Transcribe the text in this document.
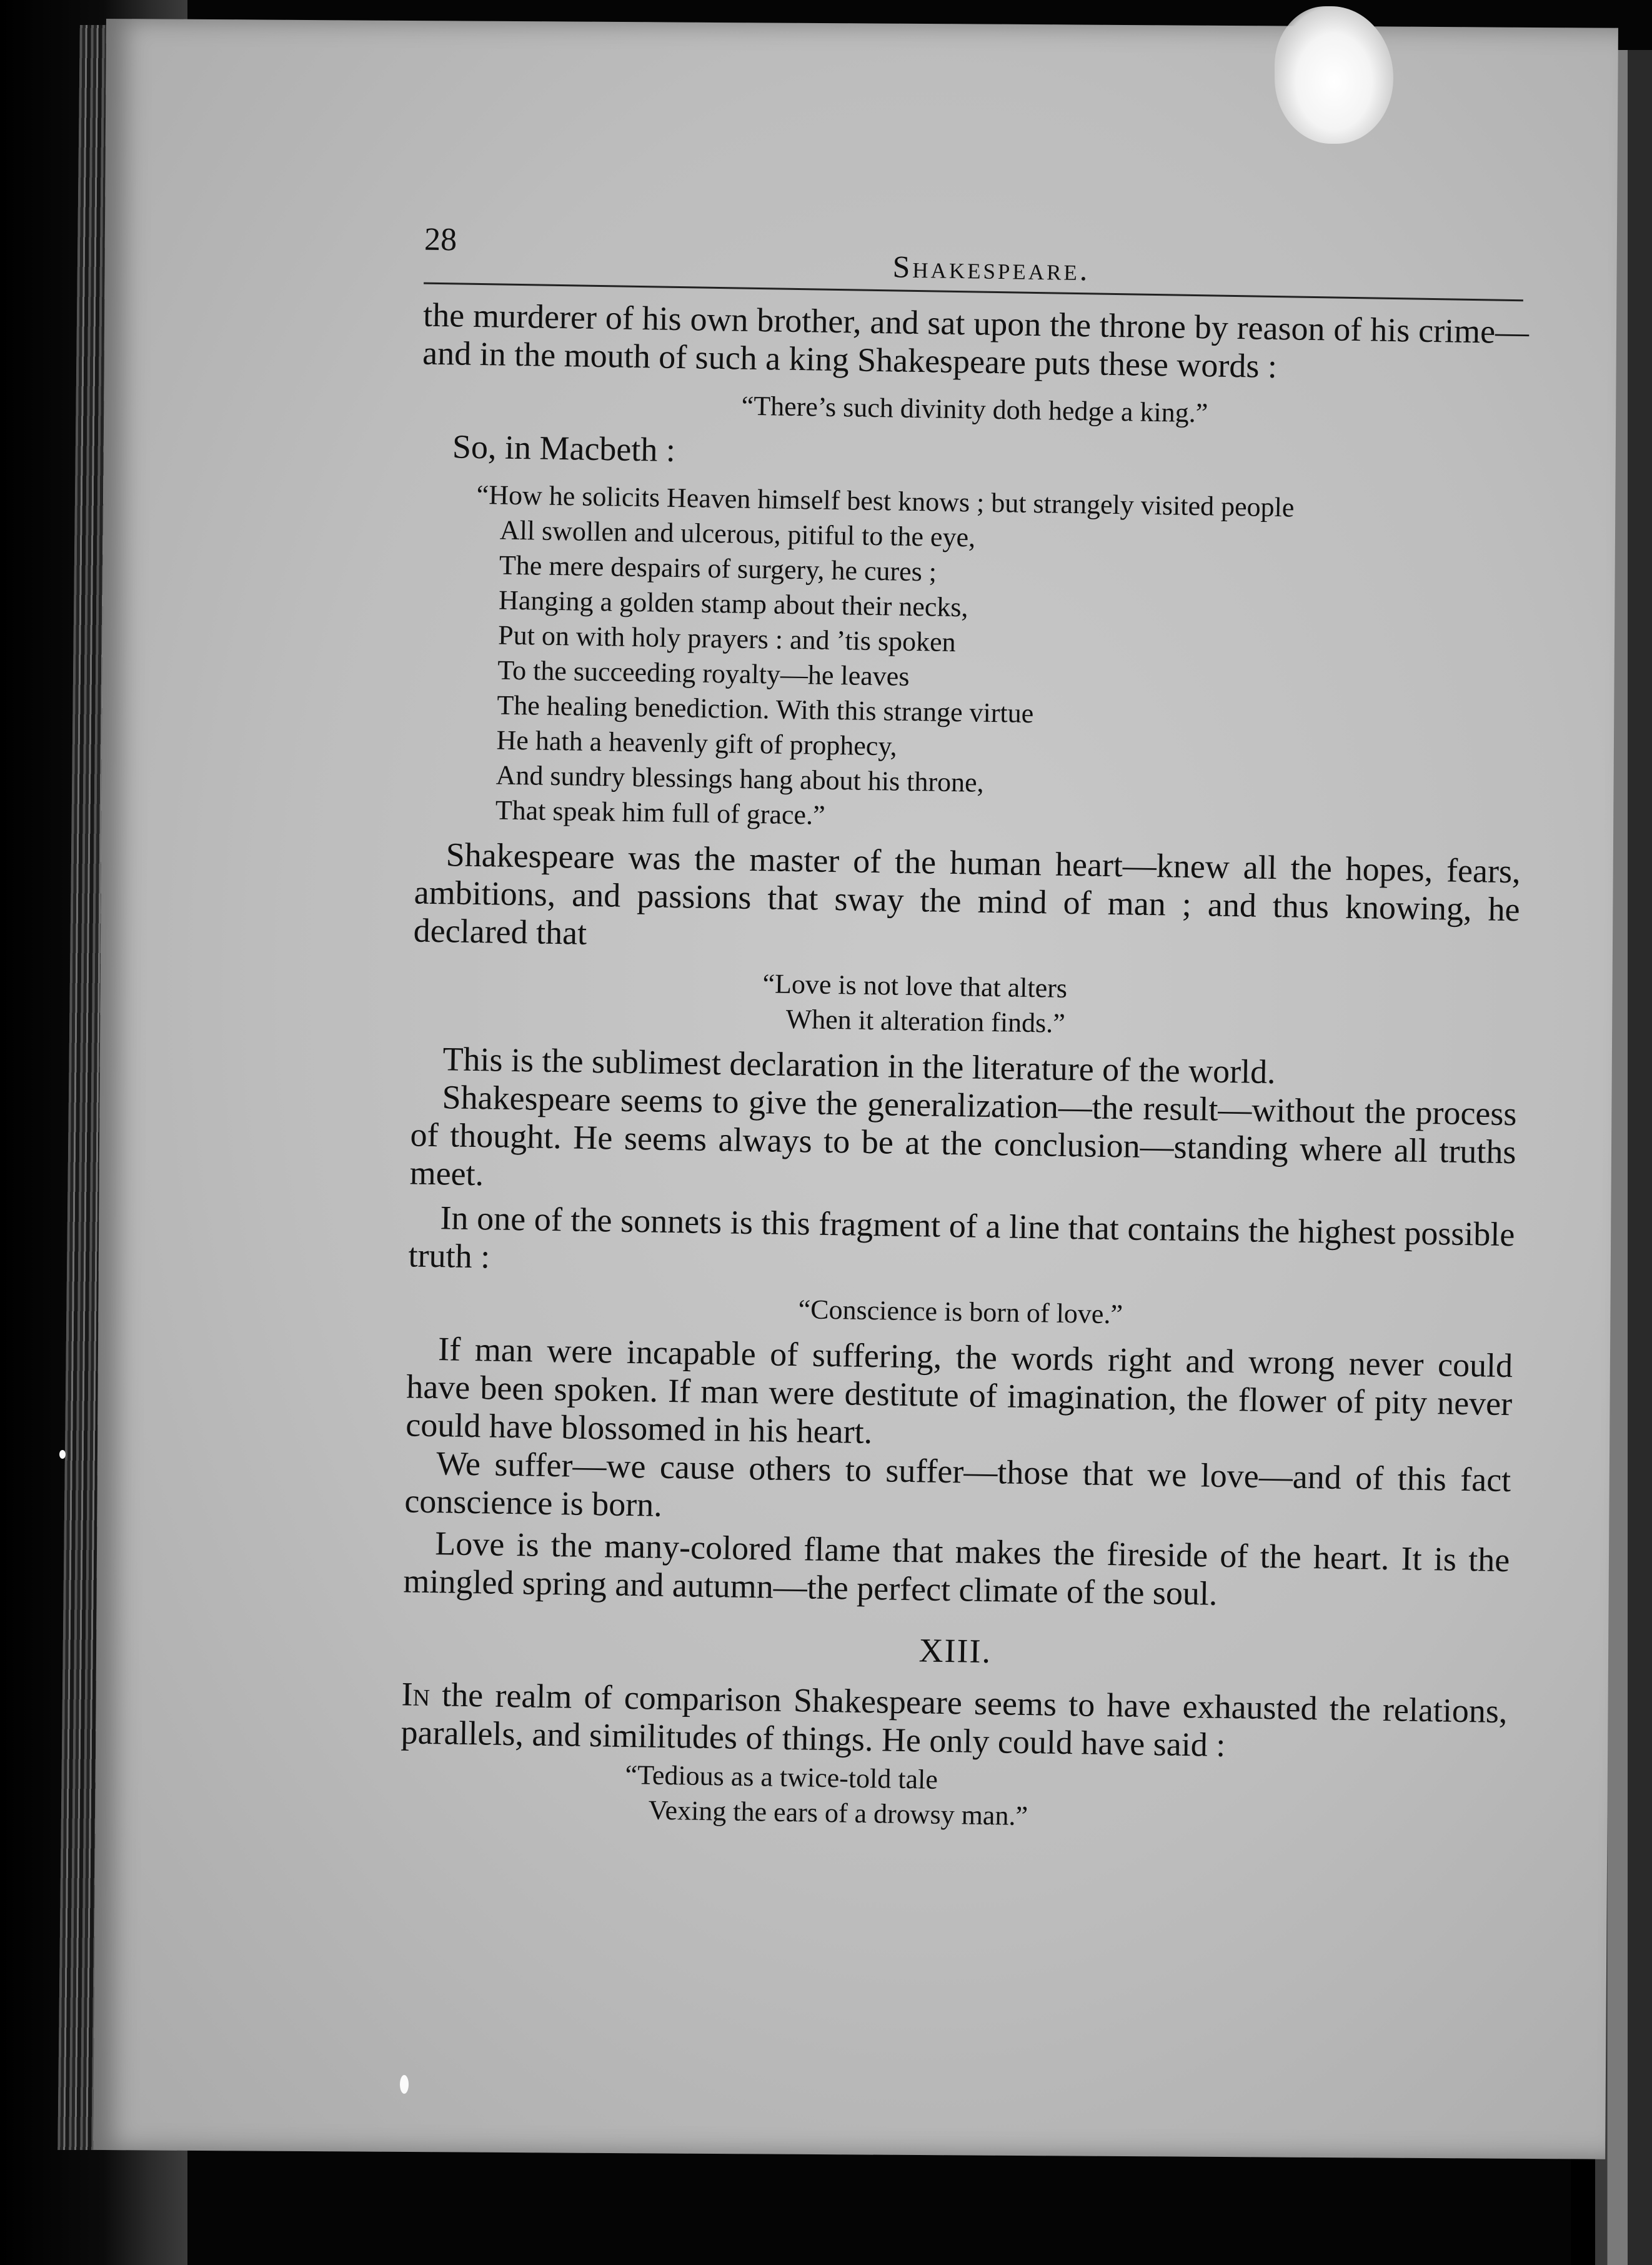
28
Shakespeare.

the murderer of his own brother, and sat upon the throne by reason of his crime—and in the mouth of such a king Shakespeare puts these words :

“There’s such divinity doth hedge a king.”
So, in Macbeth :
“How he solicits Heaven himself best knows ; but strangely visited people
All swollen and ulcerous, pitiful to the eye,
The mere despairs of surgery, he cures ;
Hanging a golden stamp about their necks,
Put on with holy prayers : and ’tis spoken
To the succeeding royalty—he leaves
The healing benediction. With this strange virtue
He hath a heavenly gift of prophecy,
And sundry blessings hang about his throne,
That speak him full of grace.”

Shakespeare was the master of the human heart—knew all the hopes, fears, ambitions, and passions that sway the mind of man ; and thus knowing, he declared that

“Love is not love that alters
When it alteration finds.”

This is the sublimest declaration in the literature of the world.

Shakespeare seems to give the generalization—the result—without the process of thought. He seems always to be at the conclusion—standing where all truths meet.

In one of the sonnets is this fragment of a line that contains the highest possible truth :

“Conscience is born of love.”

If man were incapable of suffering, the words right and wrong never could have been spoken. If man were destitute of imagination, the flower of pity never could have blossomed in his heart.

We suffer—we cause others to suffer—those that we love—and of this fact conscience is born.

Love is the many-colored flame that makes the fireside of the heart. It is the mingled spring and autumn—the perfect climate of the soul.

XIII.

In the realm of comparison Shakespeare seems to have exhausted the relations, parallels, and similitudes of things. He only could have said :

“Tedious as a twice-told tale
Vexing the ears of a drowsy man.”
